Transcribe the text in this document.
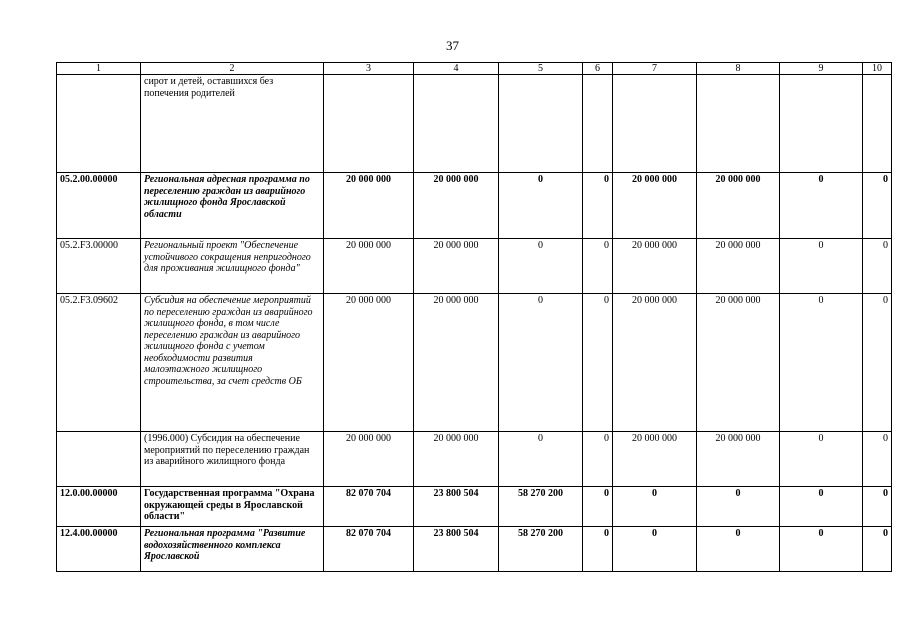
37
1	2	3	4	5	6	7	8	9	10
	сирот и детей, оставшихся без попечения родителей								
05.2.00.00000	Региональная адресная программа по переселению граждан из аварийного жилищного фонда Ярославской области	20 000 000	20 000 000	0	0	20 000 000	20 000 000	0	0
05.2.F3.00000	Региональный проект "Обеспечение устойчивого сокращения непригодного для проживания жилищного фонда"	20 000 000	20 000 000	0	0	20 000 000	20 000 000	0	0
05.2.F3.09602	Субсидия на обеспечение мероприятий по переселению граждан из аварийного жилищного фонда, в том числе переселению граждан из аварийного жилищного фонда с учетом необходимости развития малоэтажного жилищного строительства, за счет средств ОБ	20 000 000	20 000 000	0	0	20 000 000	20 000 000	0	0
	(1996.000) Субсидия на обеспечение мероприятий по переселению граждан из аварийного жилищного фонда	20 000 000	20 000 000	0	0	20 000 000	20 000 000	0	0
12.0.00.00000	Государственная программа "Охрана окружающей среды в Ярославской области"	82 070 704	23 800 504	58 270 200	0	0	0	0	0
12.4.00.00000	Региональная программа "Развитие водохозяйственного комплекса Ярославской	82 070 704	23 800 504	58 270 200	0	0	0	0	0
